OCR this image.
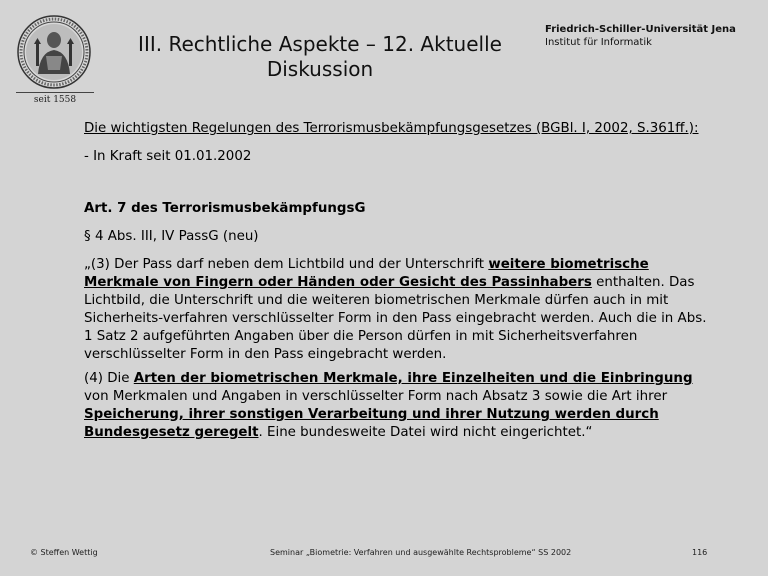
seit 1558
III. Rechtliche Aspekte – 12. Aktuelle
Diskussion
Friedrich-Schiller-Universität Jena
Institut für Informatik

Die wichtigsten Regelungen des Terrorismusbekämpfungsgesetzes (BGBl. I, 2002, S.361ff.):

- In Kraft seit 01.01.2002

Art. 7 des TerrorismusbekämpfungsG

§ 4 Abs. III, IV PassG (neu)

„(3) Der Pass darf neben dem Lichtbild und der Unterschrift weitere biometrische Merkmale von Fingern oder Händen oder Gesicht des Passinhabers enthalten. Das Lichtbild, die Unterschrift und die weiteren biometrischen Merkmale dürfen auch in mit Sicherheits-verfahren verschlüsselter Form in den Pass eingebracht werden. Auch die in Abs. 1 Satz 2 aufgeführten Angaben über die Person dürfen in mit Sicherheitsverfahren verschlüsselter Form in den Pass eingebracht werden.

(4) Die Arten der biometrischen Merkmale, ihre Einzelheiten und die Einbringung von Merkmalen und Angaben in verschlüsselter Form nach Absatz 3 sowie die Art ihrer Speicherung, ihrer sonstigen Verarbeitung und ihrer Nutzung werden durch Bundesgesetz geregelt. Eine bundesweite Datei wird nicht eingerichtet.“

© Steffen Wettig	Seminar „Biometrie: Verfahren und ausgewählte Rechtsprobleme“ SS 2002	116
